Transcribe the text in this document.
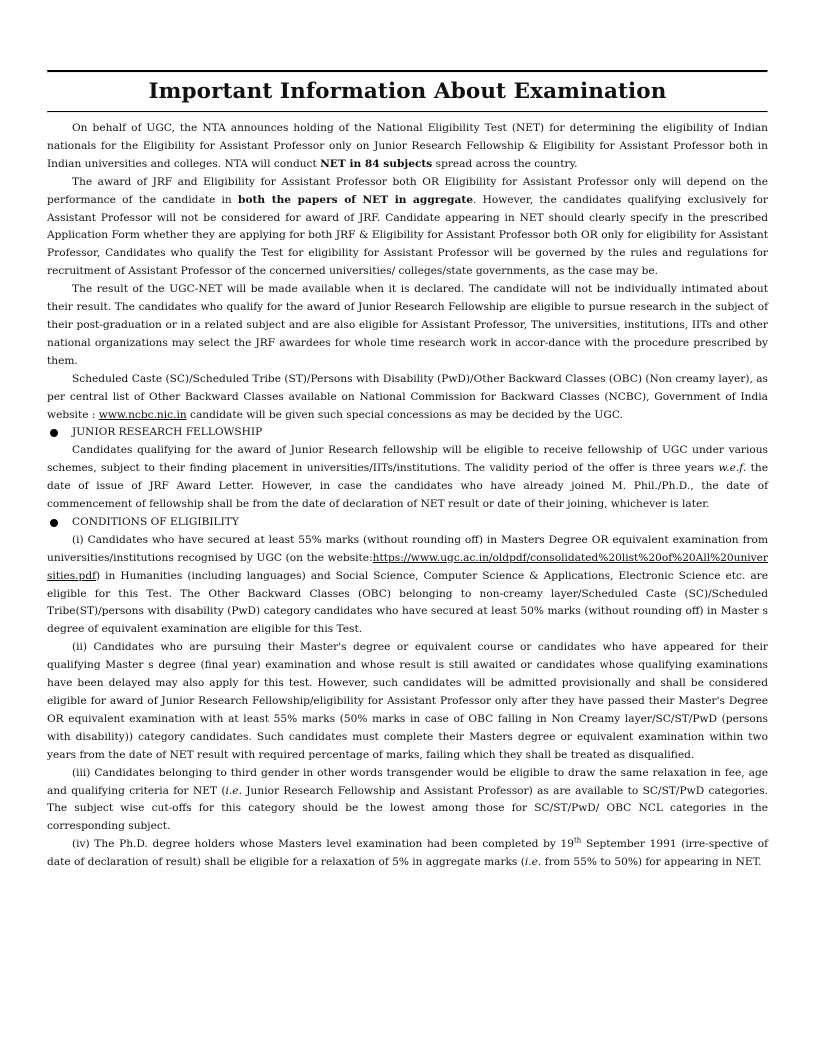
Important Information About Examination

On behalf of UGC, the NTA announces holding of the National Eligibility Test (NET) for determining the eligibility of Indian nationals for the Eligibility for Assistant Professor only on Junior Research Fellowship & Eligibility for Assistant Professor both in Indian universities and colleges. NTA will conduct NET in 84 subjects spread across the country.

The award of JRF and Eligibility for Assistant Professor both OR Eligibility for Assistant Professor only will depend on the performance of the candidate in both the papers of NET in aggregate. However, the candidates qualifying exclusively for Assistant Professor will not be considered for award of JRF. Candidate appearing in NET should clearly specify in the prescribed Application Form whether they are applying for both JRF & Eligibility for Assistant Professor both OR only for eligibility for Assistant Professor, Candidates who qualify the Test for eligibility for Assistant Professor will be governed by the rules and regulations for recruitment of Assistant Professor of the concerned universities/ colleges/state governments, as the case may be.

The result of the UGC-NET will be made available when it is declared. The candidate will not be individually intimated about their result. The candidates who qualify for the award of Junior Research Fellowship are eligible to pursue research in the subject of their post-graduation or in a related subject and are also eligible for Assistant Professor, The universities, institutions, IITs and other national organizations may select the JRF awardees for whole time research work in accor-dance with the procedure prescribed by them.

Scheduled Caste (SC)/Scheduled Tribe (ST)/Persons with Disability (PwD)/Other Backward Classes (OBC) (Non creamy layer), as per central list of Other Backward Classes available on National Commission for Backward Classes (NCBC), Government of India website : www.ncbc.nic.in candidate will be given such special concessions as may be decided by the UGC.

JUNIOR RESEARCH FELLOWSHIP

Candidates qualifying for the award of Junior Research fellowship will be eligible to receive fellowship of UGC under various schemes, subject to their finding placement in universities/IITs/institutions. The validity period of the offer is three years w.e.f. the date of issue of JRF Award Letter. However, in case the candidates who have already joined M. Phil./Ph.D., the date of commencement of fellowship shall be from the date of declaration of NET result or date of their joining, whichever is later.

CONDITIONS OF ELIGIBILITY

(i) Candidates who have secured at least 55% marks (without rounding off) in Masters Degree OR equivalent examination from universities/institutions recognised by UGC (on the website:https://www.ugc.ac.in/oldpdf/consolidated%20list%20of%20All%20universities.pdf) in Humanities (including languages) and Social Science, Computer Science & Applications, Electronic Science etc. are eligible for this Test. The Other Backward Classes (OBC) belonging to non-creamy layer/Scheduled Caste (SC)/Scheduled Tribe(ST)/persons with disability (PwD) category candidates who have secured at least 50% marks (without rounding off) in Master s degree of equivalent examination are eligible for this Test.

(ii) Candidates who are pursuing their Master's degree or equivalent course or candidates who have appeared for their qualifying Master s degree (final year) examination and whose result is still awaited or candidates whose qualifying examinations have been delayed may also apply for this test. However, such candidates will be admitted provisionally and shall be considered eligible for award of Junior Research Fellowship/eligibility for Assistant Professor only after they have passed their Master's Degree OR equivalent examination with at least 55% marks (50% marks in case of OBC falling in Non Creamy layer/SC/ST/PwD (persons with disability)) category candidates. Such candidates must complete their Masters degree or equivalent examination within two years from the date of NET result with required percentage of marks, failing which they shall be treated as disqualified.

(iii) Candidates belonging to third gender in other words transgender would be eligible to draw the same relaxation in fee, age and qualifying criteria for NET (i.e. Junior Research Fellowship and Assistant Professor) as are available to SC/ST/PwD categories. The subject wise cut-offs for this category should be the lowest among those for SC/ST/PwD/ OBC NCL categories in the corresponding subject.

(iv) The Ph.D. degree holders whose Masters level examination had been completed by 19th September 1991 (irre-spective of date of declaration of result) shall be eligible for a relaxation of 5% in aggregate marks (i.e. from 55% to 50%) for appearing in NET.
